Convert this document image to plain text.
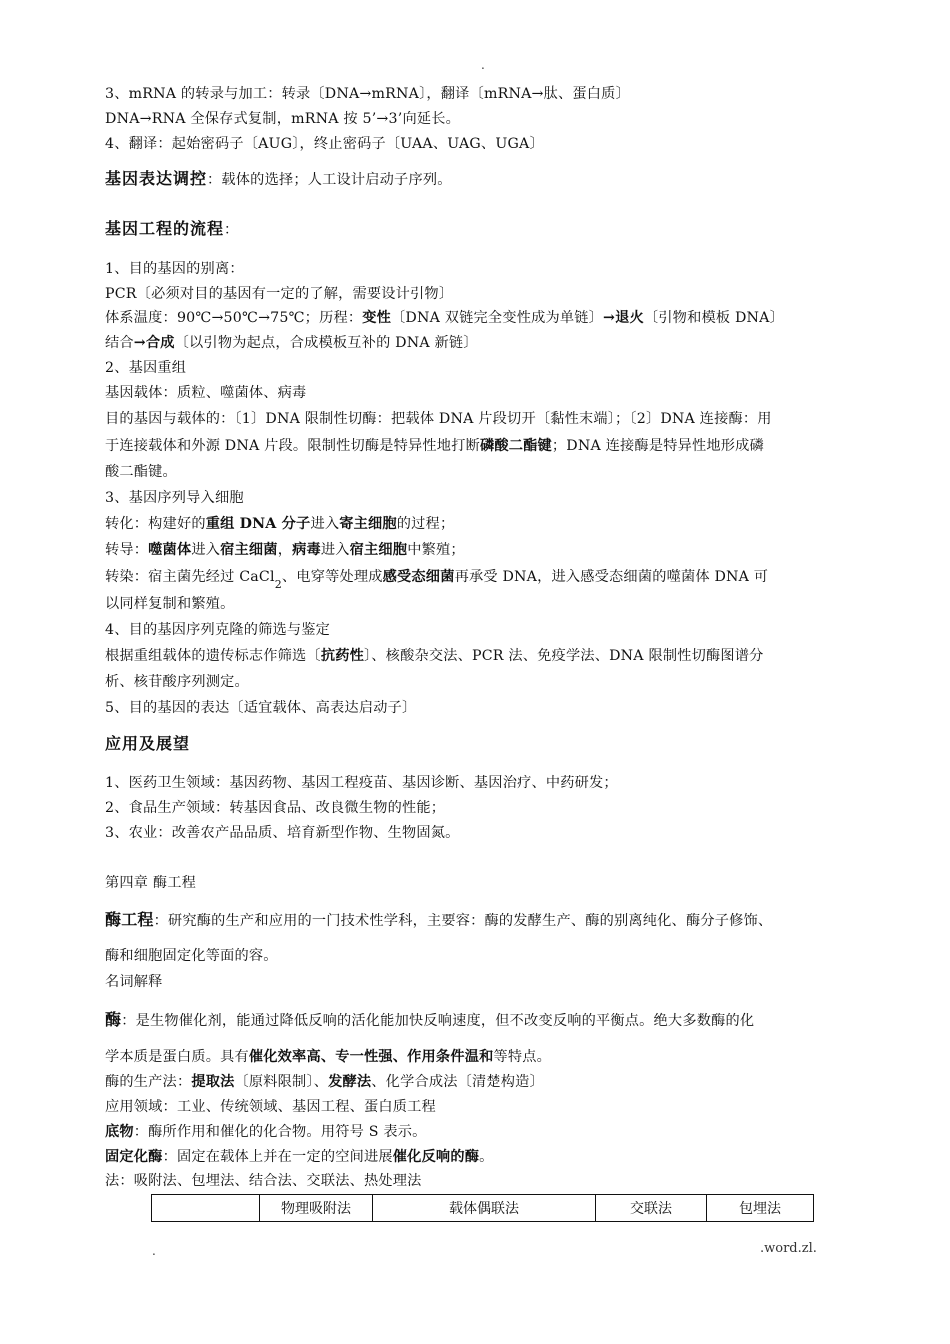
.
3、mRNA 的转录与加工：转录〔DNA→mRNA〕，翻译〔mRNA→肽、蛋白质〕
DNA→RNA 全保存式复制，mRNA 按 5’→3’向延长。
4、翻译：起始密码子〔AUG〕，终止密码子〔UAA、UAG、UGA〕
基因表达调控：载体的选择；人工设计启动子序列。
基因工程的流程：
1、目的基因的别离：
PCR〔必须对目的基因有一定的了解，需要设计引物〕
体系温度：90℃→50℃→75℃；历程：变性〔DNA 双链完全变性成为单链〕→退火〔引物和模板 DNA〕
结合→合成〔以引物为起点，合成模板互补的 DNA 新链〕
2、基因重组
基因载体：质粒、噬菌体、病毒
目的基因与载体的：〔1〕DNA 限制性切酶：把载体 DNA 片段切开〔黏性末端〕；〔2〕DNA 连接酶：用
于连接载体和外源 DNA 片段。限制性切酶是特异性地打断磷酸二酯键；DNA 连接酶是特异性地形成磷
酸二酯键。
3、基因序列导入细胞
转化：构建好的重组 DNA 分子进入寄主细胞的过程；
转导：噬菌体进入宿主细菌，病毒进入宿主细胞中繁殖；
转染：宿主菌先经过 CaCl$_2$、电穿等处理成感受态细菌再承受 DNA，进入感受态细菌的噬菌体 DNA 可
以同样复制和繁殖。
4、目的基因序列克隆的筛选与鉴定
根据重组载体的遗传标志作筛选〔抗药性〕、核酸杂交法、PCR 法、免疫学法、DNA 限制性切酶图谱分
析、核苷酸序列测定。
5、目的基因的表达〔适宜载体、高表达启动子〕
应用及展望
1、医药卫生领域：基因药物、基因工程疫苗、基因诊断、基因治疗、中药研发；
2、食品生产领域：转基因食品、改良微生物的性能；
3、农业：改善农产品品质、培育新型作物、生物固氮。
第四章 酶工程
酶工程：研究酶的生产和应用的一门技术性学科，主要容：酶的发酵生产、酶的别离纯化、酶分子修饰、
酶和细胞固定化等面的容。
名词解释
酶：是生物催化剂，能通过降低反响的活化能加快反响速度，但不改变反响的平衡点。绝大多数酶的化
学本质是蛋白质。具有催化效率高、专一性强、作用条件温和等特点。
酶的生产法：提取法〔原料限制〕、发酵法、化学合成法〔清楚构造〕
应用领域：工业、传统领域、基因工程、蛋白质工程
底物：酶所作用和催化的化合物。用符号 S 表示。
固定化酶：固定在载体上并在一定的空间进展催化反响的酶。
法：吸附法、包埋法、结合法、交联法、热处理法
	物理吸附法	载体偶联法	交联法	包埋法
.	.word.zl.
